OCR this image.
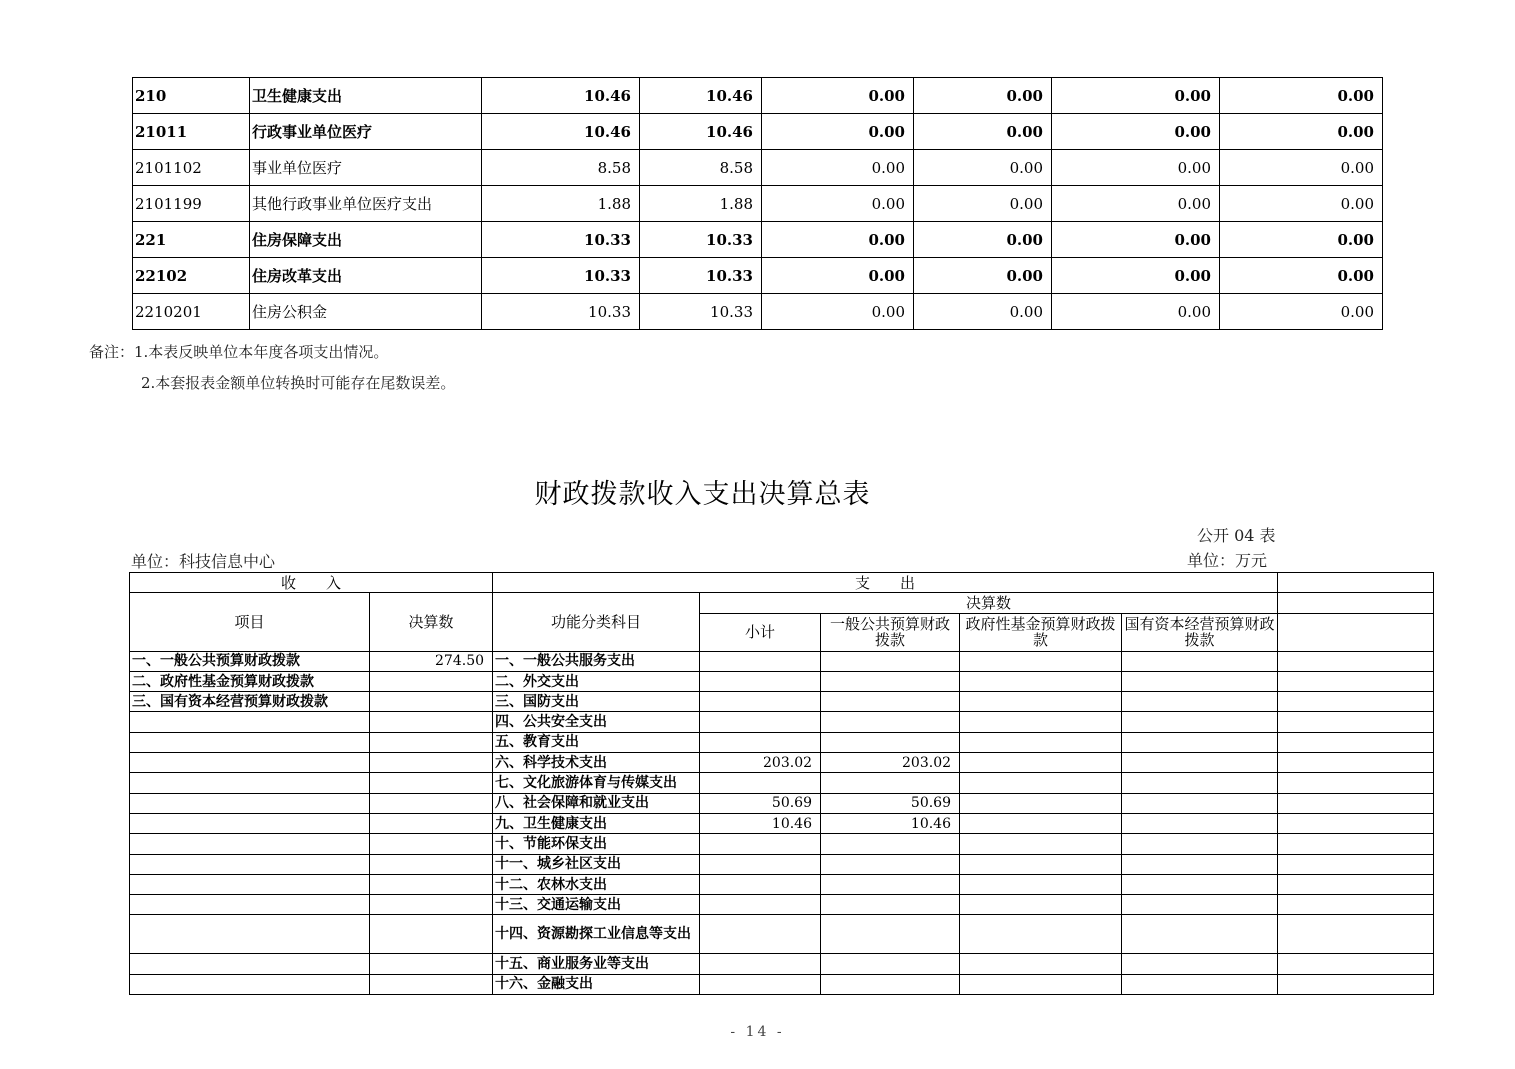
210	卫生健康支出	10.46	10.46	0.00	0.00	0.00	0.00
21011	行政事业单位医疗	10.46	10.46	0.00	0.00	0.00	0.00
2101102	事业单位医疗	8.58	8.58	0.00	0.00	0.00	0.00
2101199	其他行政事业单位医疗支出	1.88	1.88	0.00	0.00	0.00	0.00
221	住房保障支出	10.33	10.33	0.00	0.00	0.00	0.00
22102	住房改革支出	10.33	10.33	0.00	0.00	0.00	0.00
2210201	住房公积金	10.33	10.33	0.00	0.00	0.00	0.00
备注：1.本表反映单位本年度各项支出情况。
2.本套报表金额单位转换时可能存在尾数误差。
财政拨款收入支出决算总表
公开 04 表
单位：科技信息中心	单位：万元
收　　入		支　　出					
项目	决算数	功能分类科目	决算数				
			小计	一般公共预算财政拨款	政府性基金预算财政拨款	国有资本经营预算财政拨款	

一、一般公共预算财政拨款	274.50	一、一般公共服务支出					
二、政府性基金预算财政拨款		二、外交支出					
三、国有资本经营预算财政拨款		三、国防支出					
		四、公共安全支出					
		五、教育支出					
		六、科学技术支出	203.02	203.02			
		七、文化旅游体育与传媒支出					
		八、社会保障和就业支出	50.69	50.69			
		九、卫生健康支出	10.46	10.46			
		十、节能环保支出					
		十一、城乡社区支出					
		十二、农林水支出					
		十三、交通运输支出					
		十四、资源勘探工业信息等支出					
		十五、商业服务业等支出					
		十六、金融支出					
- 14 -
